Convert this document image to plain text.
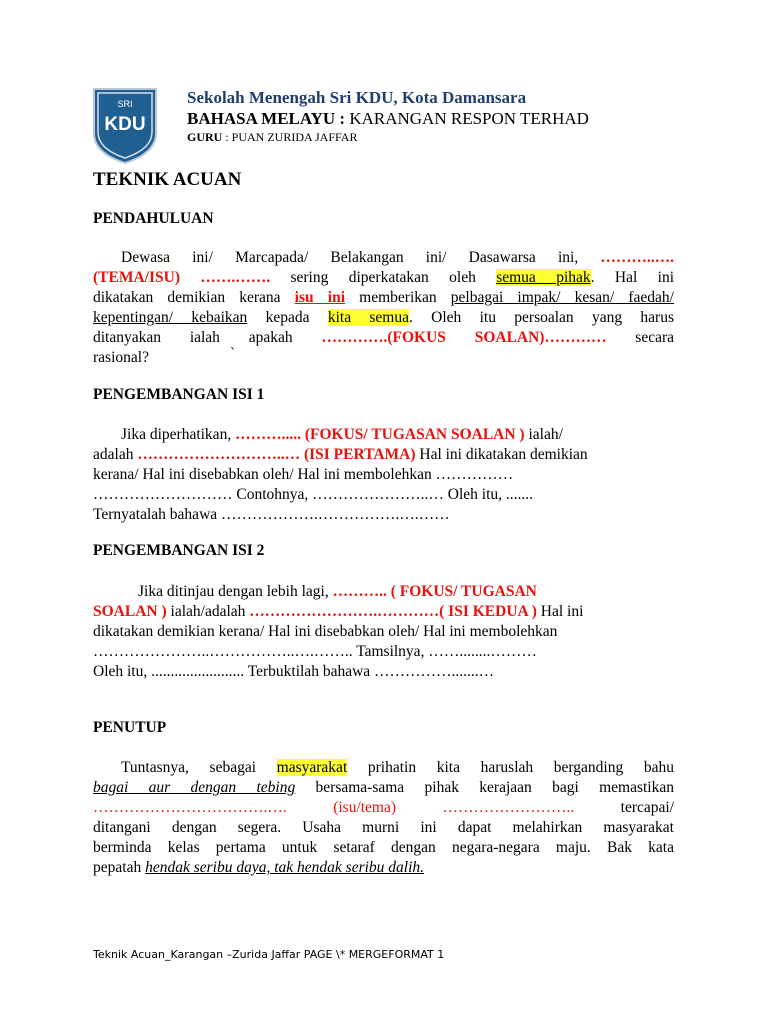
SRI
KDU
Sekolah Menengah Sri KDU, Kota Damansara
BAHASA MELAYU : KARANGAN RESPON TERHAD
GURU : PUAN ZURIDA JAFFAR
TEKNIK ACUAN
PENDAHULUAN
Dewasa ini/ Marcapada/ Belakangan ini/ Dasawarsa ini, ………..….
(TEMA/ISU) …….……. sering diperkatakan oleh semua pihak. Hal ini
dikatakan demikian kerana isu ini memberikan pelbagai impak/ kesan/ faedah/
kepentingan/ kebaikan kepada kita semua. Oleh itu persoalan yang harus
ditanyakan ialah apakah ………….(FOKUS SOALAN)………… secara
rasional?	`
PENGEMBANGAN ISI 1
Jika diperhatikan, ………..... (FOKUS/ TUGASAN SOALAN ) ialah/
adalah ………………………..… (ISI PERTAMA) Hal ini dikatakan demikian
kerana/ Hal ini disebabkan oleh/ Hal ini membolehkan ……………
……………………… Contohnya, …………………..… Oleh itu, .......
Ternyatalah bahawa ……………….…………….….……
PENGEMBANGAN ISI 2
Jika ditinjau dengan lebih lagi, ……….. ( FOKUS/ TUGASAN
SOALAN ) ialah/adalah …………………….…………( ISI KEDUA ) Hal ini
dikatakan demikian kerana/ Hal ini disebabkan oleh/ Hal ini membolehkan
…………………..……………..….…….. Tamsilnya, ……........………
Oleh itu, ........................ Terbuktilah bahawa …………….......…
PENUTUP
Tuntasnya, sebagai masyarakat prihatin kita haruslah berganding bahu
bagai aur dengan tebing bersama-sama pihak kerajaan bagi memastikan
…………………………….….	(isu/tema)	……………………..	tercapai/
ditangani dengan segera. Usaha murni ini dapat melahirkan masyarakat
berminda kelas pertama untuk setaraf dengan negara-negara maju. Bak kata
pepatah hendak seribu daya, tak hendak seribu dalih.
Teknik Acuan_Karangan –Zurida Jaffar PAGE \* MERGEFORMAT 1
